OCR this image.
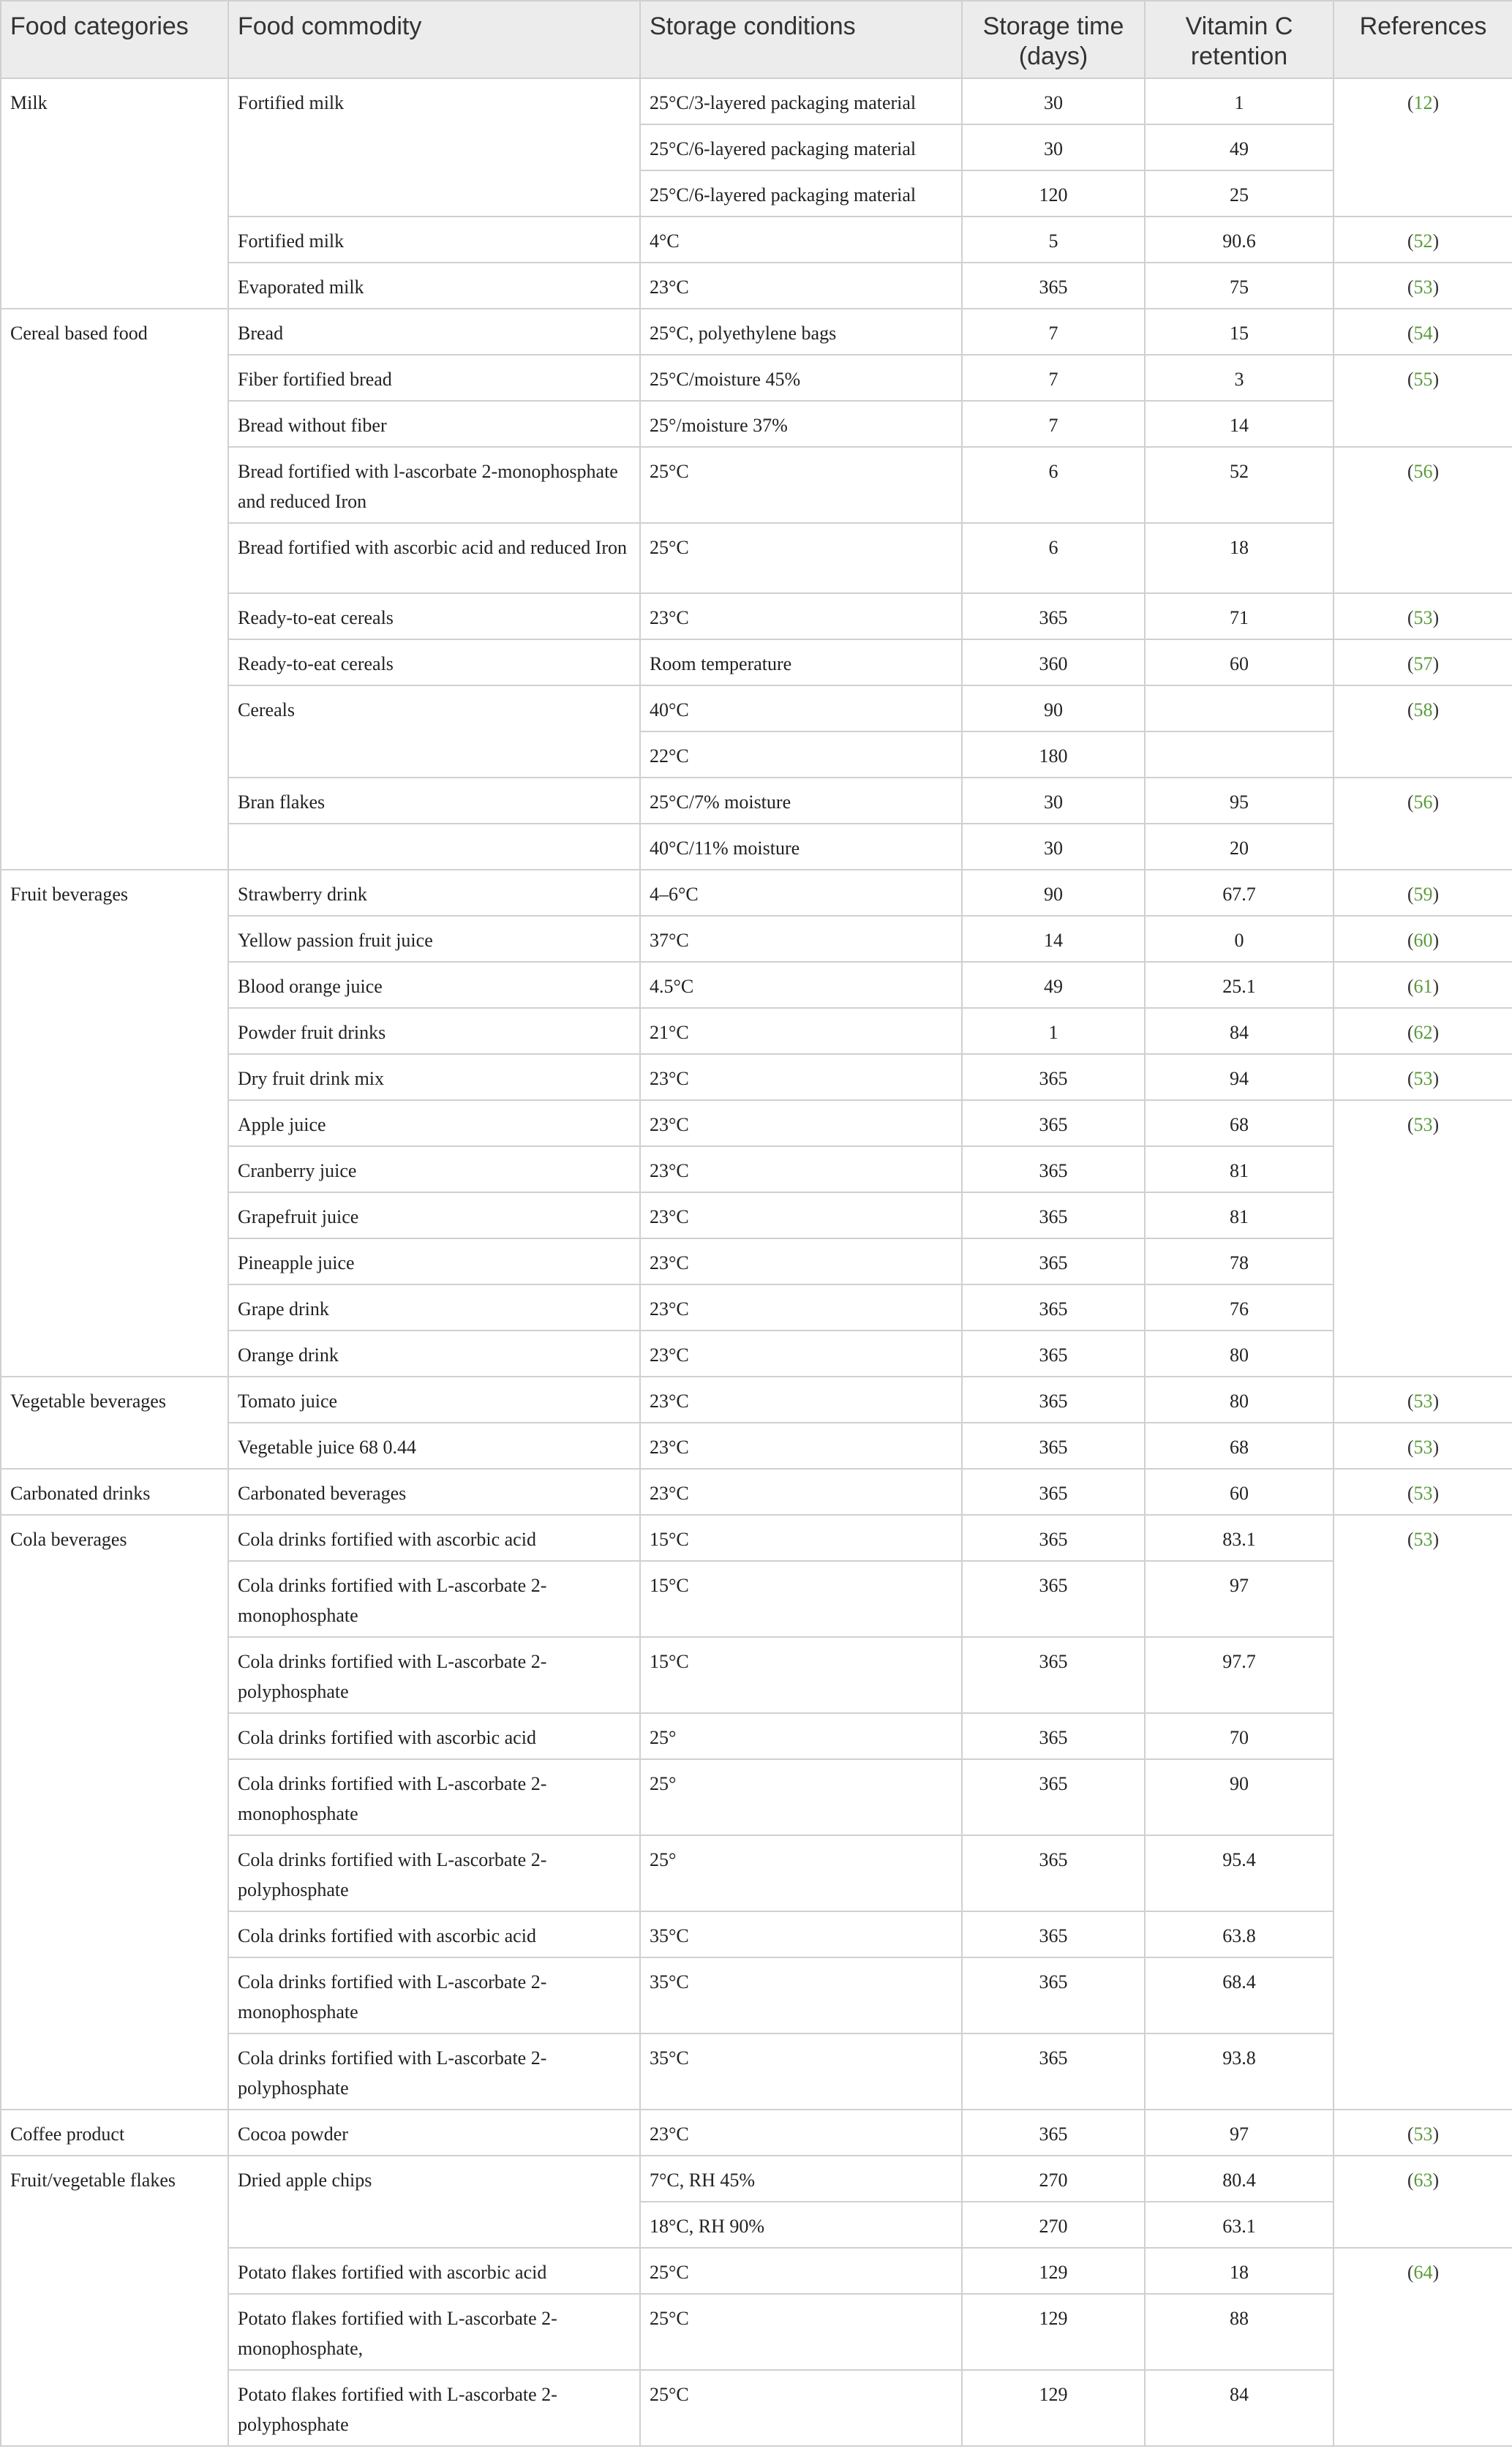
Food categories	Food commodity	Storage conditions	Storage time (days)	Vitamin C retention	References
Milk	Fortified milk	25°C/3-layered packaging material	30	1	(12)
		25°C/6-layered packaging material	30	49	
		25°C/6-layered packaging material	120	25	
	Fortified milk	4°C	5	90.6	(52)
	Evaporated milk	23°C	365	75	(53)
Cereal based food	Bread	25°C, polyethylene bags	7	15	(54)
	Fiber fortified bread	25°C/moisture 45%	7	3	(55)
	Bread without fiber	25°/moisture 37%	7	14	
	Bread fortified with l-ascorbate 2-monophosphate and reduced Iron	25°C	6	52	(56)
	Bread fortified with ascorbic acid and reduced Iron	25°C	6	18	
	Ready-to-eat cereals	23°C	365	71	(53)
	Ready-to-eat cereals	Room temperature	360	60	(57)
	Cereals	40°C	90		(58)
		22°C	180		
	Bran flakes	25°C/7% moisture	30	95	(56)
		40°C/11% moisture	30	20	
Fruit beverages	Strawberry drink	4–6°C	90	67.7	(59)
	Yellow passion fruit juice	37°C	14	0	(60)
	Blood orange juice	4.5°C	49	25.1	(61)
	Powder fruit drinks	21°C	1	84	(62)
	Dry fruit drink mix	23°C	365	94	(53)
	Apple juice	23°C	365	68	(53)
	Cranberry juice	23°C	365	81	
	Grapefruit juice	23°C	365	81	
	Pineapple juice	23°C	365	78	
	Grape drink	23°C	365	76	
	Orange drink	23°C	365	80	
Vegetable beverages	Tomato juice	23°C	365	80	(53)
	Vegetable juice 68 0.44	23°C	365	68	(53)
Carbonated drinks	Carbonated beverages	23°C	365	60	(53)
Cola beverages	Cola drinks fortified with ascorbic acid	15°C	365	83.1	(53)
	Cola drinks fortified with L-ascorbate 2-monophosphate	15°C	365	97	
	Cola drinks fortified with L-ascorbate 2-polyphosphate	15°C	365	97.7	
	Cola drinks fortified with ascorbic acid	25°	365	70	
	Cola drinks fortified with L-ascorbate 2-monophosphate	25°	365	90	
	Cola drinks fortified with L-ascorbate 2-polyphosphate	25°	365	95.4	
	Cola drinks fortified with ascorbic acid	35°C	365	63.8	
	Cola drinks fortified with L-ascorbate 2-monophosphate	35°C	365	68.4	
	Cola drinks fortified with L-ascorbate 2-polyphosphate	35°C	365	93.8	
Coffee product	Cocoa powder	23°C	365	97	(53)
Fruit/vegetable flakes	Dried apple chips	7°C, RH 45%	270	80.4	(63)
		18°C, RH 90%	270	63.1	
	Potato flakes fortified with ascorbic acid	25°C	129	18	(64)
	Potato flakes fortified with L-ascorbate 2-monophosphate,	25°C	129	88	
	Potato flakes fortified with L-ascorbate 2-polyphosphate	25°C	129	84	
